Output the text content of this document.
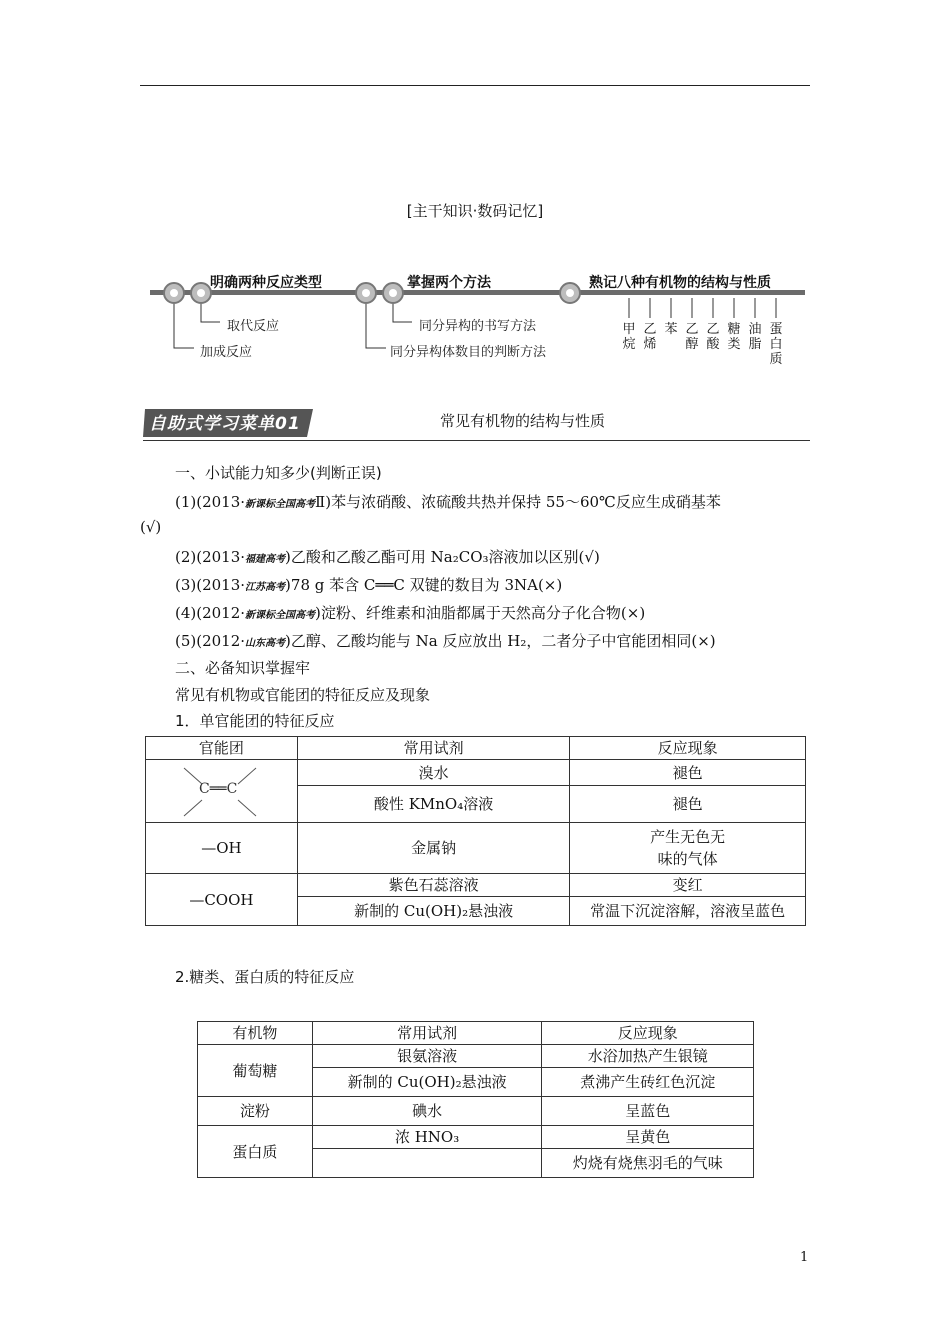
[主干知识·数码记忆]
明确两种反应类型
取代反应
加成反应
掌握两个方法
同分异构的书写方法
同分异构体数目的判断方法
熟记八种有机物的结构与性质
甲烷
乙烯
苯 乙醇
乙酸
糖类
油脂
蛋白质
自助式学习菜单01	常见有机物的结构与性质
一、小试能力知多少(判断正误)
(1)(2013·新课标全国高考Ⅱ)苯与浓硝酸、浓硫酸共热并保持 55～60℃反应生成硝基苯
(√)
(2)(2013·福建高考)乙酸和乙酸乙酯可用 Na₂CO₃溶液加以区别(√)
(3)(2013·江苏高考)78 g 苯含 C══C 双键的数目为 3NA(×)
(4)(2012·新课标全国高考)淀粉、纤维素和油脂都属于天然高分子化合物(×)
(5)(2012·山东高考)乙醇、乙酸均能与 Na 反应放出 H₂，二者分子中官能团相同(×)
二、必备知识掌握牢
常见有机物或官能团的特征反应及现象
1．单官能团的特征反应
官能团	常用试剂	反应现象

C══C	溴水	褪色
	酸性 KMnO₄溶液	褪色
—OH	金属钠	产生无色无
味的气体

—COOH	紫色石蕊溶液	变红
	新制的 Cu(OH)₂悬浊液	常温下沉淀溶解，溶液呈蓝色
2.糖类、蛋白质的特征反应
有机物	常用试剂	反应现象
葡萄糖	银氨溶液	水浴加热产生银镜
	新制的 Cu(OH)₂悬浊液	煮沸产生砖红色沉淀
淀粉	碘水	呈蓝色
蛋白质	浓 HNO₃	呈黄色
		灼烧有烧焦羽毛的气味
1
